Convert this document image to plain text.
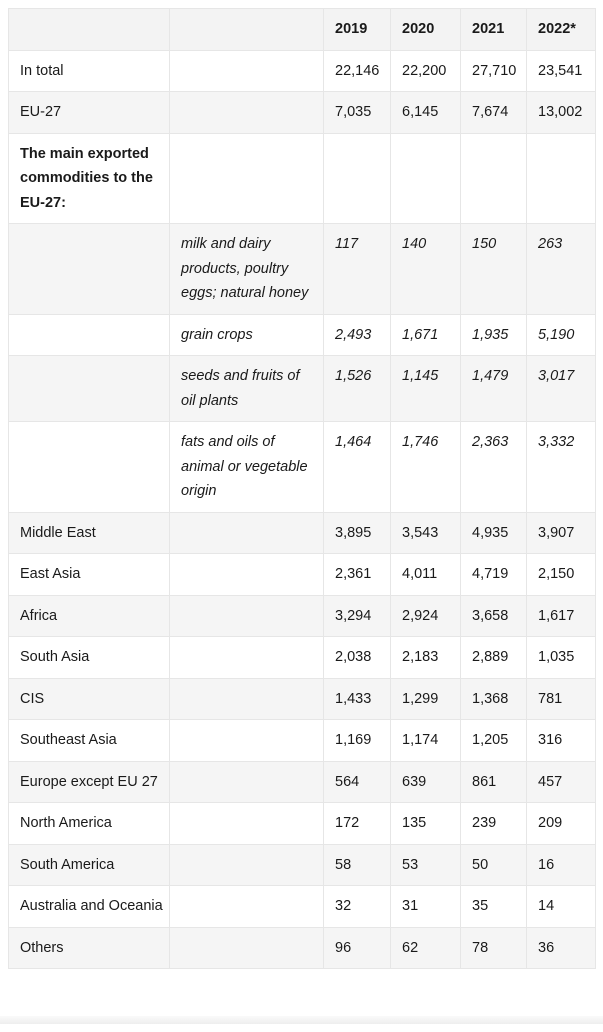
		2019	2020	2021	2022*
In total		22,146	22,200	27,710	23,541
EU-27		7,035	6,145	7,674	13,002
The main exported commodities to the EU-27:					
	milk and dairy products, poultry eggs; natural honey	117	140	150	263
	grain crops	2,493	1,671	1,935	5,190
	seeds and fruits of oil plants	1,526	1,145	1,479	3,017
	fats and oils of animal or vegetable origin	1,464	1,746	2,363	3,332
Middle East		3,895	3,543	4,935	3,907
East Asia		2,361	4,011	4,719	2,150
Africa		3,294	2,924	3,658	1,617
South Asia		2,038	2,183	2,889	1,035
CIS		1,433	1,299	1,368	781
Southeast Asia		1,169	1,174	1,205	316
Europe except EU 27		564	639	861	457
North America		172	135	239	209
South America		58	53	50	16
Australia and Oceania		32	31	35	14
Others		96	62	78	36
